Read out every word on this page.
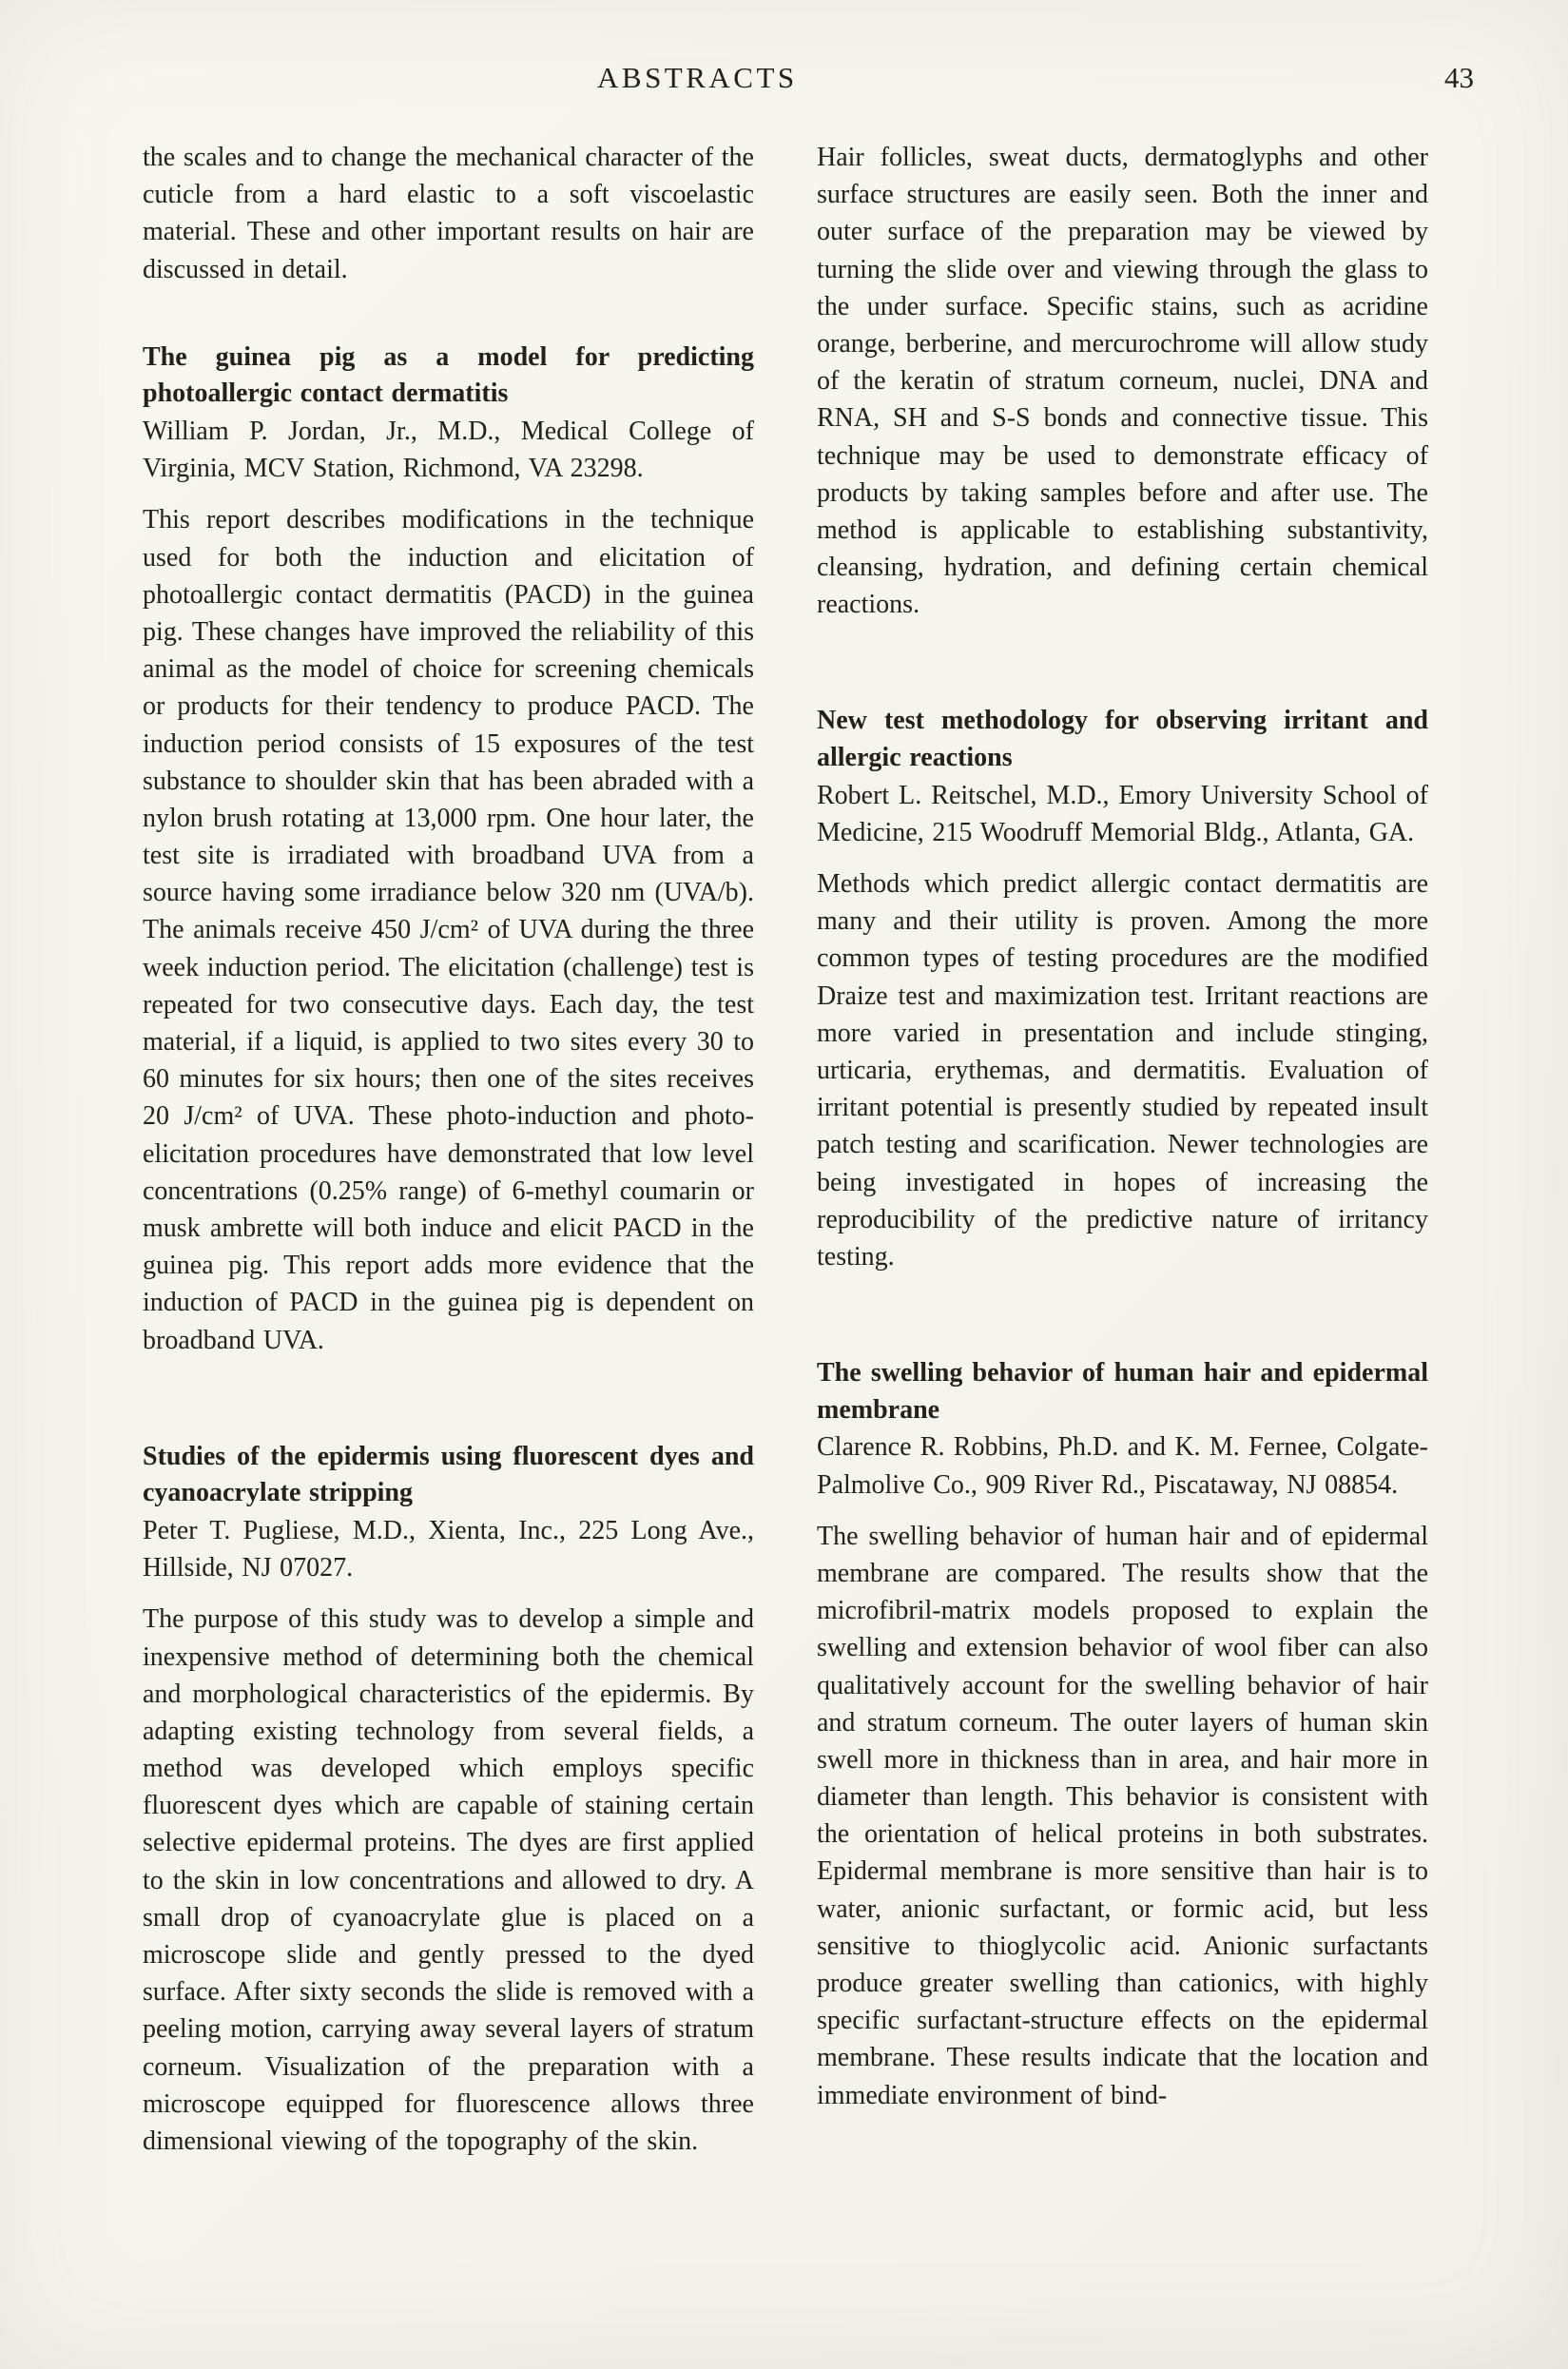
ABSTRACTS	43

the scales and to change the mechanical character of the cuticle from a hard elastic to a soft viscoelastic material. These and other important results on hair are discussed in detail.

The guinea pig as a model for predicting photoallergic contact dermatitis

William P. Jordan, Jr., M.D., Medical College of Virginia, MCV Station, Richmond, VA 23298.

This report describes modifications in the technique used for both the induction and elicitation of photoallergic contact dermatitis (PACD) in the guinea pig. These changes have improved the reliability of this animal as the model of choice for screening chemicals or products for their tendency to produce PACD. The induction period consists of 15 exposures of the test substance to shoulder skin that has been abraded with a nylon brush rotating at 13,000 rpm. One hour later, the test site is irradiated with broadband UVA from a source having some irradiance below 320 nm (UVA/b). The animals receive 450 J/cm² of UVA during the three week induction period. The elicitation (challenge) test is repeated for two consecutive days. Each day, the test material, if a liquid, is applied to two sites every 30 to 60 minutes for six hours; then one of the sites receives 20 J/cm² of UVA. These photo-induction and photo-elicitation procedures have demonstrated that low level concentrations (0.25% range) of 6-methyl coumarin or musk ambrette will both induce and elicit PACD in the guinea pig. This report adds more evidence that the induction of PACD in the guinea pig is dependent on broadband UVA.

Studies of the epidermis using fluorescent dyes and cyanoacrylate stripping

Peter T. Pugliese, M.D., Xienta, Inc., 225 Long Ave., Hillside, NJ 07027.

The purpose of this study was to develop a simple and inexpensive method of determining both the chemical and morphological characteristics of the epidermis. By adapting existing technology from several fields, a method was developed which employs specific fluorescent dyes which are capable of staining certain selective epidermal proteins. The dyes are first applied to the skin in low concentrations and allowed to dry. A small drop of cyanoacrylate glue is placed on a microscope slide and gently pressed to the dyed surface. After sixty seconds the slide is removed with a peeling motion, carrying away several layers of stratum corneum. Visualization of the preparation with a microscope equipped for fluorescence allows three dimensional viewing of the topography of the skin.

Hair follicles, sweat ducts, dermatoglyphs and other surface structures are easily seen. Both the inner and outer surface of the preparation may be viewed by turning the slide over and viewing through the glass to the under surface. Specific stains, such as acridine orange, berberine, and mercurochrome will allow study of the keratin of stratum corneum, nuclei, DNA and RNA, SH and S-S bonds and connective tissue. This technique may be used to demonstrate efficacy of products by taking samples before and after use. The method is applicable to establishing substantivity, cleansing, hydration, and defining certain chemical reactions.

New test methodology for observing irritant and allergic reactions

Robert L. Reitschel, M.D., Emory University School of Medicine, 215 Woodruff Memorial Bldg., Atlanta, GA.

Methods which predict allergic contact dermatitis are many and their utility is proven. Among the more common types of testing procedures are the modified Draize test and maximization test. Irritant reactions are more varied in presentation and include stinging, urticaria, erythemas, and dermatitis. Evaluation of irritant potential is presently studied by repeated insult patch testing and scarification. Newer technologies are being investigated in hopes of increasing the reproducibility of the predictive nature of irritancy testing.

The swelling behavior of human hair and epidermal membrane

Clarence R. Robbins, Ph.D. and K. M. Fernee, Colgate-Palmolive Co., 909 River Rd., Piscataway, NJ 08854.

The swelling behavior of human hair and of epidermal membrane are compared. The results show that the microfibril-matrix models proposed to explain the swelling and extension behavior of wool fiber can also qualitatively account for the swelling behavior of hair and stratum corneum. The outer layers of human skin swell more in thickness than in area, and hair more in diameter than length. This behavior is consistent with the orientation of helical proteins in both substrates. Epidermal membrane is more sensitive than hair is to water, anionic surfactant, or formic acid, but less sensitive to thioglycolic acid. Anionic surfactants produce greater swelling than cationics, with highly specific surfactant-structure effects on the epidermal membrane. These results indicate that the location and immediate environment of bind-
